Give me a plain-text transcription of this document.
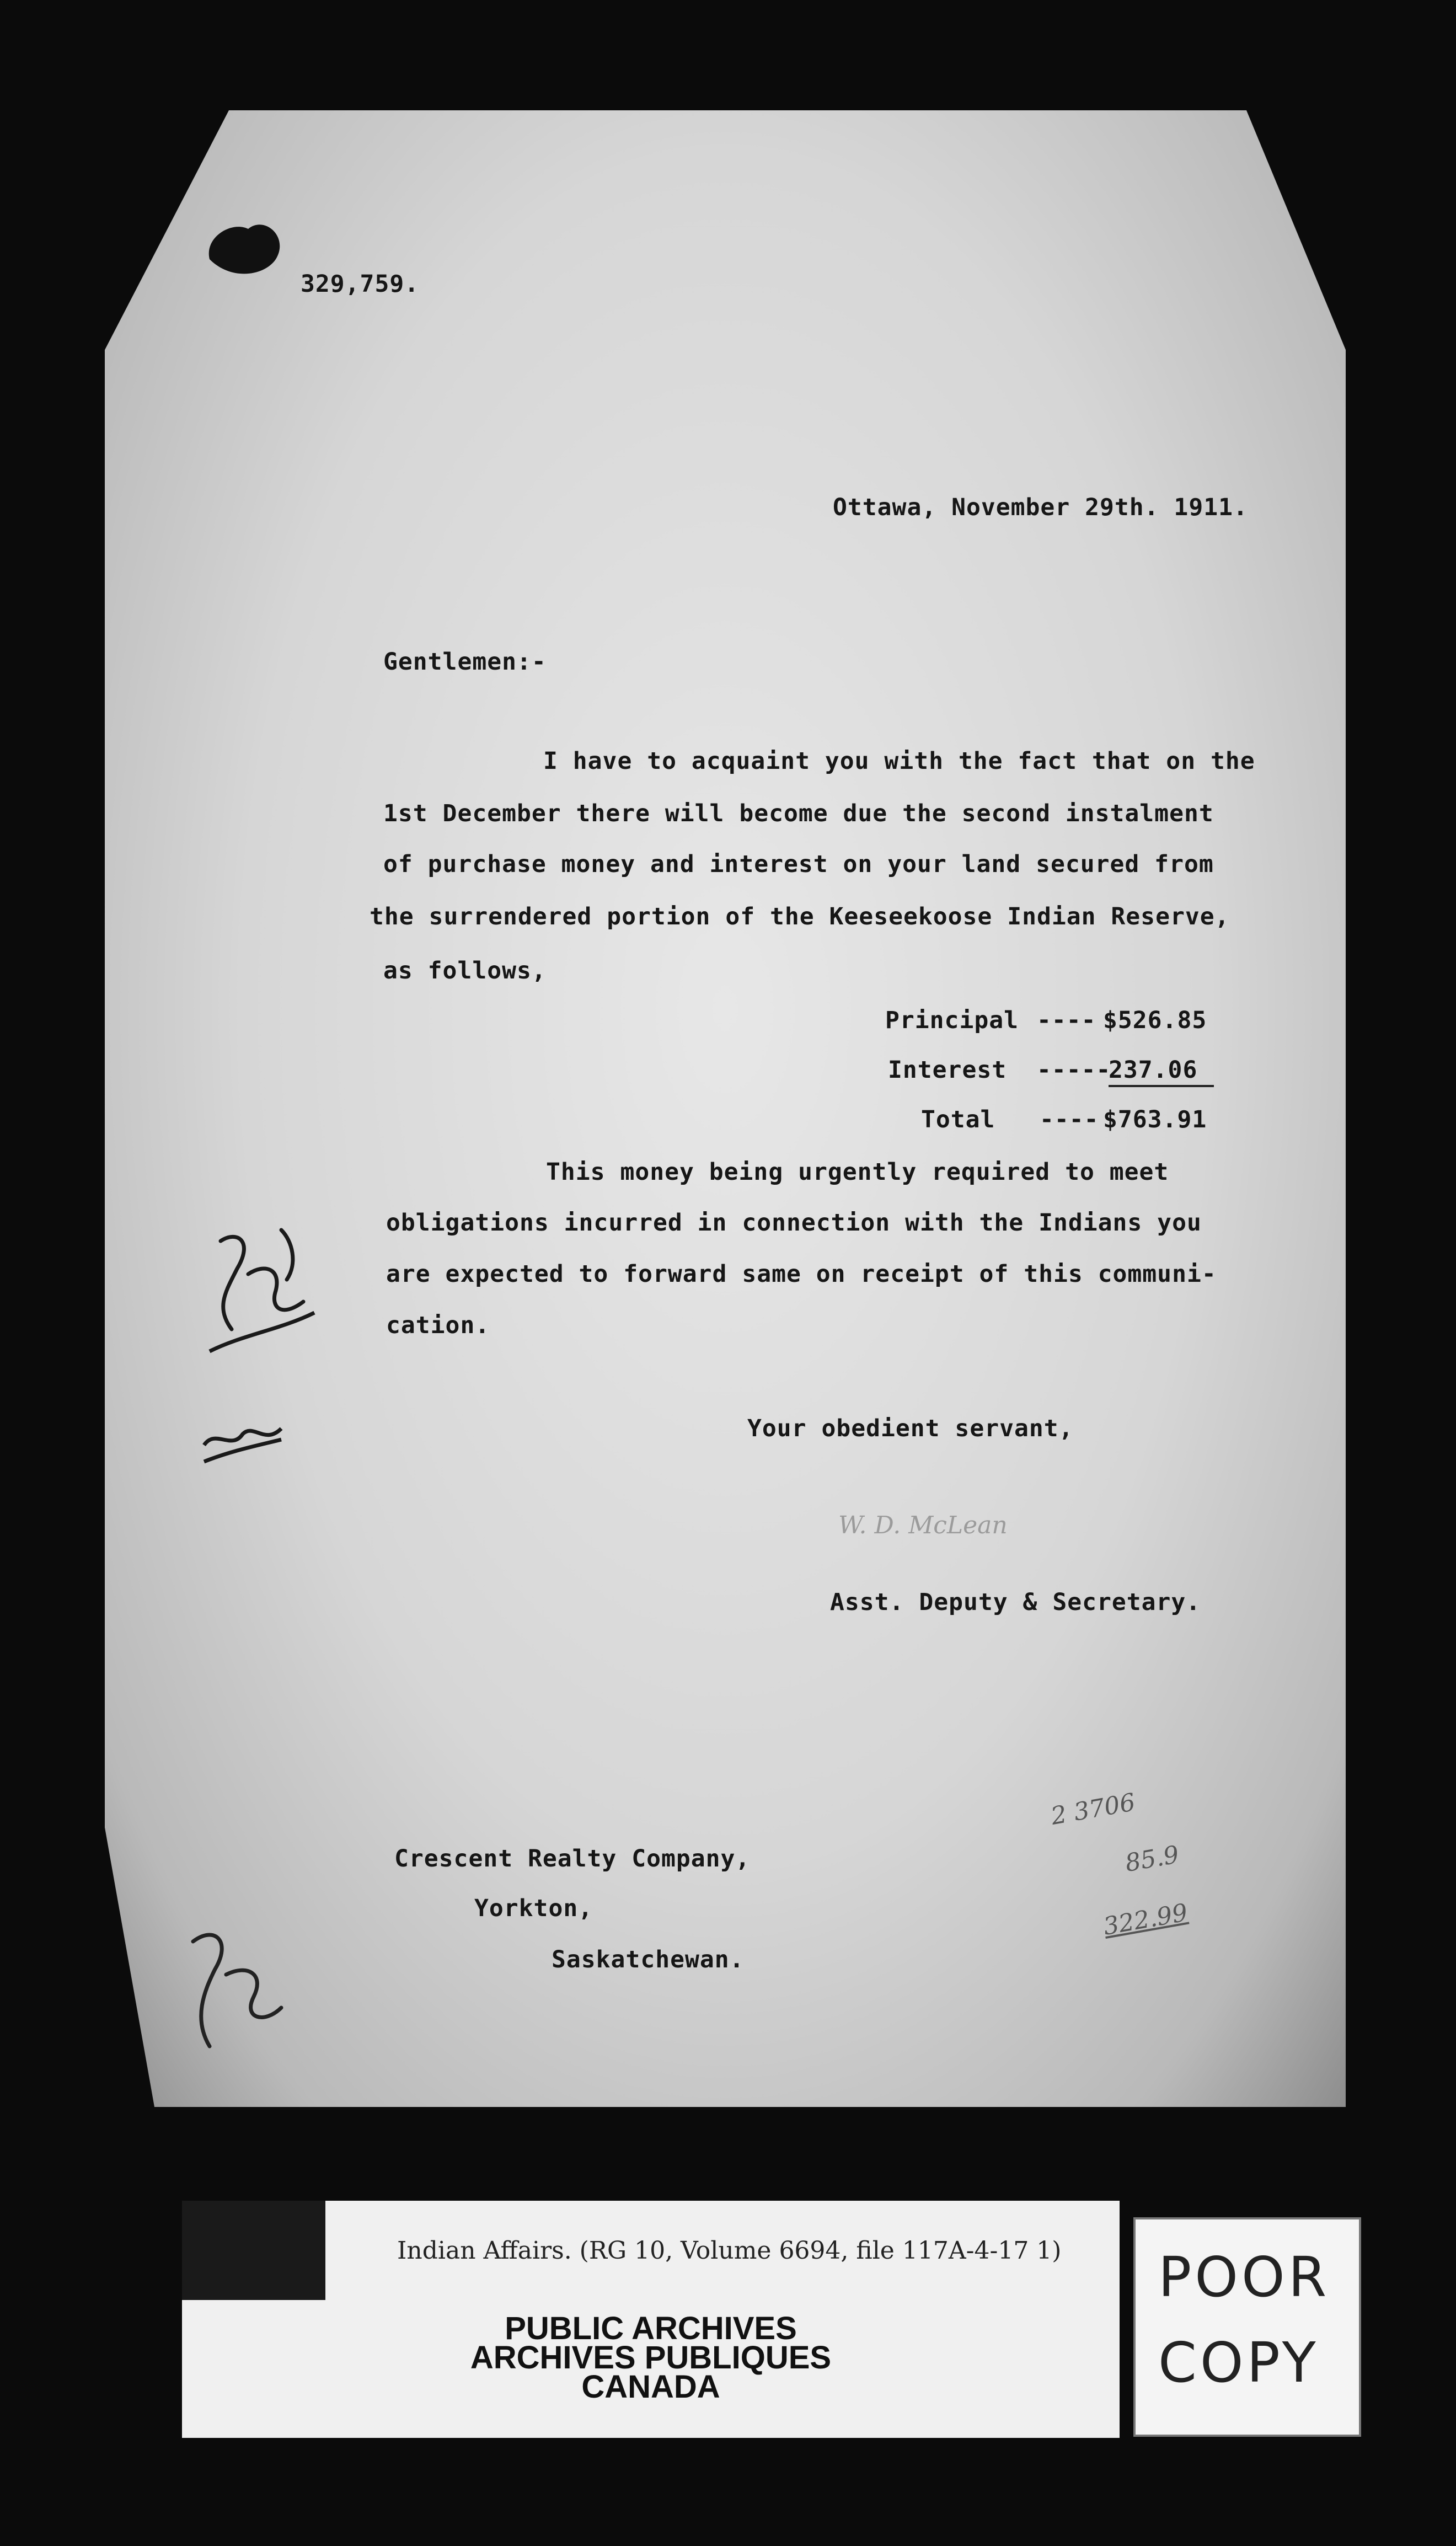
329,759.
Ottawa, November 29th. 1911.
Gentlemen:-
I have to acquaint you with the fact that on the
1st December there will become due the second instalment
of purchase money and interest on your land secured from
the surrendered portion of the Keeseekoose Indian Reserve,
as follows,
Principal ---- $526.85
Interest -----
237.06
Total ---- $763.91
This money being urgently required to meet
obligations incurred in connection with the Indians you
are expected to forward same on receipt of this communi-
cation.
Your obedient servant,
W. D. McLean
Asst. Deputy & Secretary.
Crescent Realty Company,
Yorkton,
Saskatchewan.
2 3706
85.9
322.99
Indian Affairs. (RG 10, Volume 6694, file 117A-4-17 1)
PUBLIC ARCHIVES
ARCHIVES PUBLIQUES
CANADA
POOR
COPY
